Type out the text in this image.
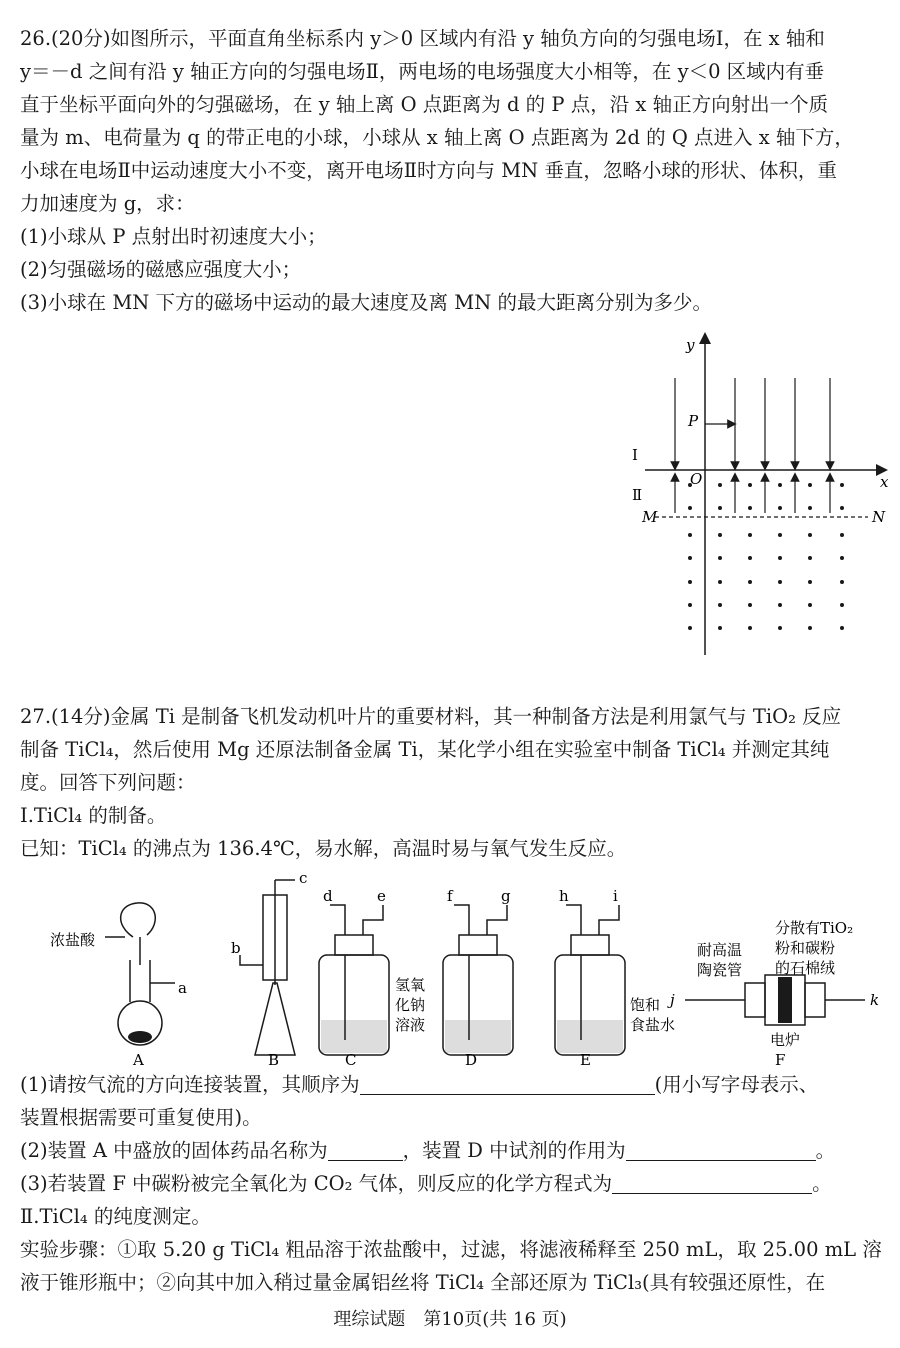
26.(20分)如图所示，平面直角坐标系内 y＞0 区域内有沿 y 轴负方向的匀强电场Ⅰ，在 x 轴和
y＝－d 之间有沿 y 轴正方向的匀强电场Ⅱ，两电场的电场强度大小相等，在 y＜0 区域内有垂
直于坐标平面向外的匀强磁场，在 y 轴上离 O 点距离为 d 的 P 点，沿 x 轴正方向射出一个质
量为 m、电荷量为 q 的带正电的小球，小球从 x 轴上离 O 点距离为 2d 的 Q 点进入 x 轴下方，
小球在电场Ⅱ中运动速度大小不变，离开电场Ⅱ时方向与 MN 垂直，忽略小球的形状、体积，重
力加速度为 g，求：
(1)小球从 P 点射出时初速度大小；
(2)匀强磁场的磁感应强度大小；
(3)小球在 MN 下方的磁场中运动的最大速度及离 MN 的最大距离分别为多少。
y
x
O
P
Ⅰ
Ⅱ
M	N
27.(14分)金属 Ti 是制备飞机发动机叶片的重要材料，其一种制备方法是利用氯气与 TiO₂ 反应
制备 TiCl₄，然后使用 Mg 还原法制备金属 Ti，某化学小组在实验室中制备 TiCl₄ 并测定其纯
度。回答下列问题：
Ⅰ.TiCl₄ 的制备。
已知：TiCl₄ 的沸点为 136.4℃，易水解，高温时易与氧气发生反应。
A	B	C	D	E	F
a
b
c
d	e	f	g	h	i
j	k
浓盐酸
氢氧
化钠
溶液
饱和
食盐水
耐高温
陶瓷管
分散有TiO₂
粉和碳粉
的石棉绒
电炉
(1)请按气流的方向连接装置，其顺序为	(用小写字母表示、
装置根据需要可重复使用)。
(2)装置 A 中盛放的固体药品名称为	，装置 D 中试剂的作用为	。
(3)若装置 F 中碳粉被完全氧化为 CO₂ 气体，则反应的化学方程式为	。
Ⅱ.TiCl₄ 的纯度测定。
实验步骤：①取 5.20 g TiCl₄ 粗品溶于浓盐酸中，过滤，将滤液稀释至 250 mL，取 25.00 mL 溶
液于锥形瓶中；②向其中加入稍过量金属铝丝将 TiCl₄ 全部还原为 TiCl₃(具有较强还原性，在
理综试题　第10页(共 16 页)
